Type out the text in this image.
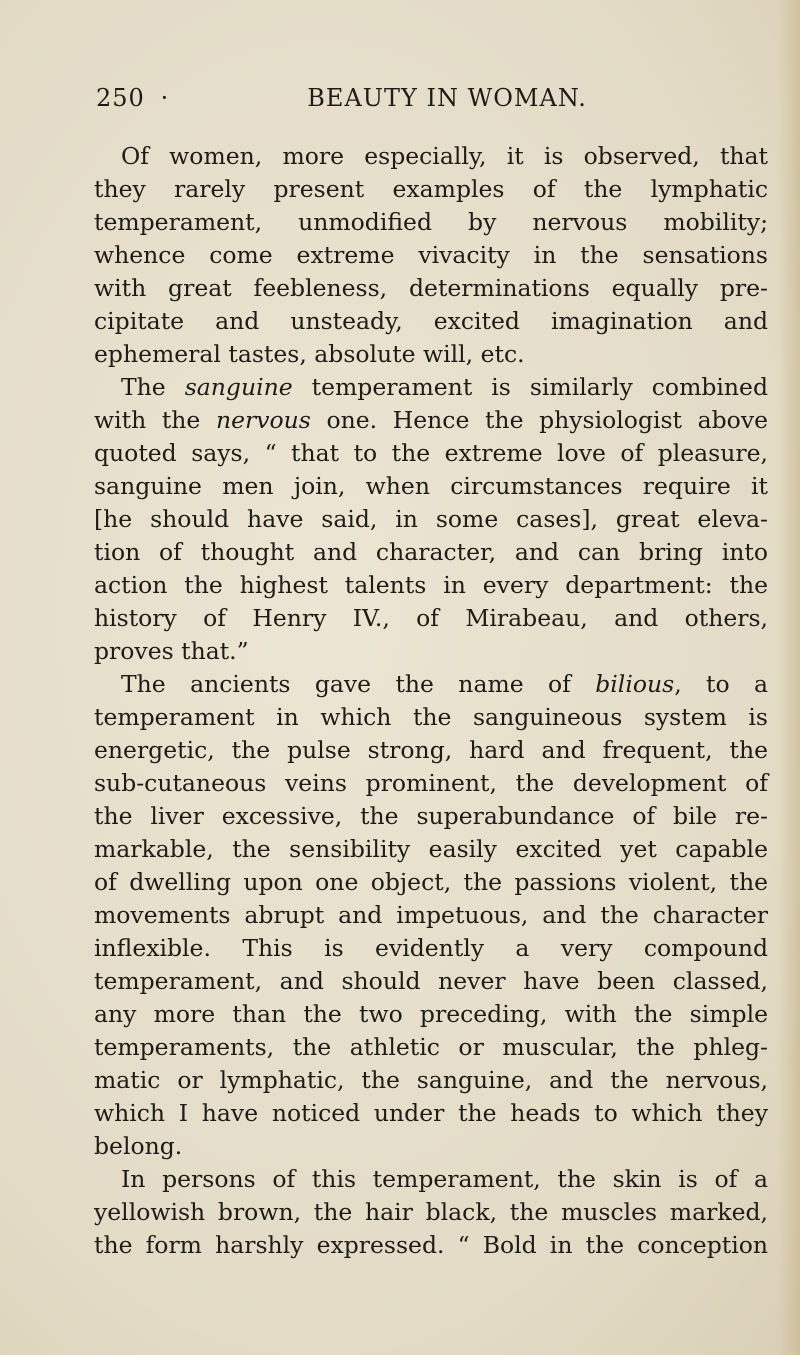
250 ·	BEAUTY IN WOMAN.
Of women, more especially, it is observed, that
they rarely present examples of the lymphatic
temperament, unmodified by nervous mobility;
whence come extreme vivacity in the sensations
with great feebleness, determinations equally pre-
cipitate and unsteady, excited imagination and
ephemeral tastes, absolute will, etc.
The sanguine temperament is similarly combined
with the nervous one. Hence the physiologist above
quoted says, “ that to the extreme love of pleasure,
sanguine men join, when circumstances require it
[he should have said, in some cases], great eleva-
tion of thought and character, and can bring into
action the highest talents in every department: the
history of Henry IV., of Mirabeau, and others,
proves that.”
The ancients gave the name of bilious, to a
temperament in which the sanguineous system is
energetic, the pulse strong, hard and frequent, the
sub-cutaneous veins prominent, the development of
the liver excessive, the superabundance of bile re-
markable, the sensibility easily excited yet capable
of dwelling upon one object, the passions violent, the
movements abrupt and impetuous, and the character
inflexible. This is evidently a very compound
temperament, and should never have been classed,
any more than the two preceding, with the simple
temperaments, the athletic or muscular, the phleg-
matic or lymphatic, the sanguine, and the nervous,
which I have noticed under the heads to which they
belong.
In persons of this temperament, the skin is of a
yellowish brown, the hair black, the muscles marked,
the form harshly expressed. “ Bold in the conception
